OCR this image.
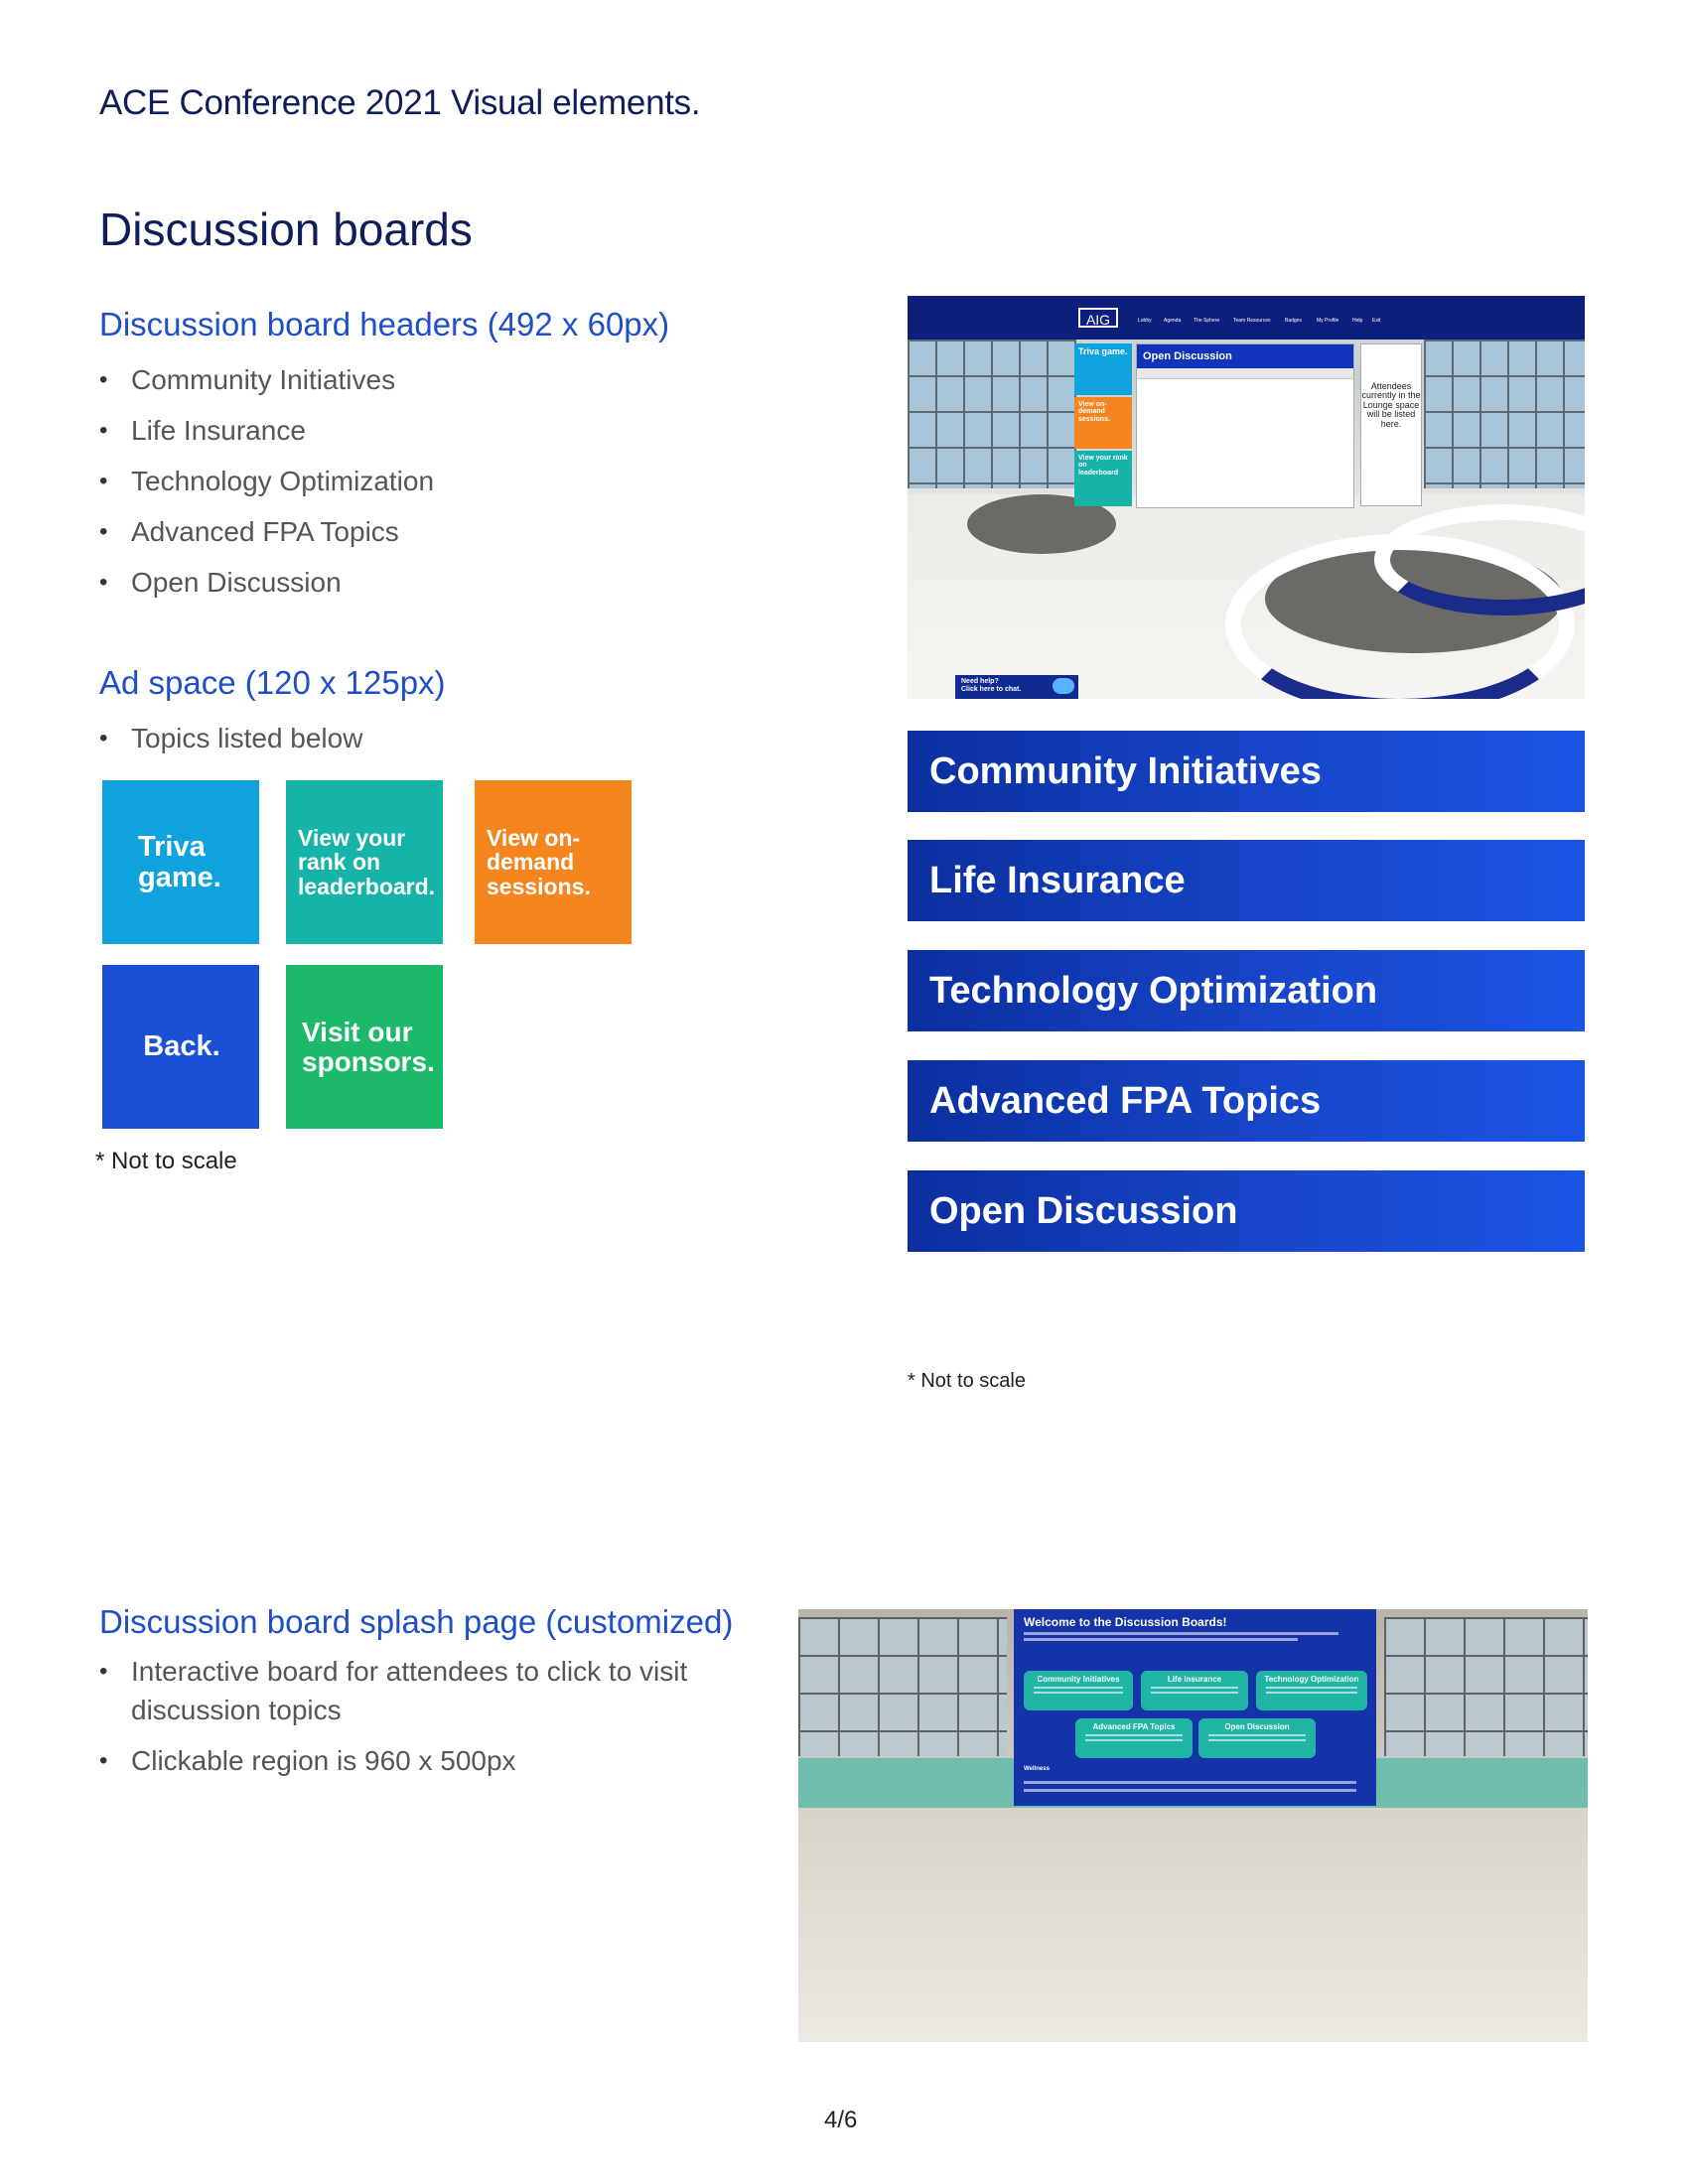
ACE Conference 2021 Visual elements.
Discussion boards
Discussion board headers (492 x 60px)
• Community Initiatives
• Life Insurance
• Technology Optimization
• Advanced FPA Topics
• Open Discussion
Ad space (120 x 125px)
• Topics listed below
Triva game.
View your rank on leaderboard.
View on-demand sessions.
Back.	Visit our sponsors.
* Not to scale
AIG	Lobby Agenda	The Sphere	Team Resources	Badges	My Profile	Help Exit
Triva game.
View on-demand sessions.
View your rank on leaderboard
Open Discussion
Attendees currently in the Lounge space will be listed here.
Need help?
Click here to chat.
Community Initiatives
Life Insurance
Technology Optimization
Advanced FPA Topics
Open Discussion
* Not to scale
Discussion board splash page (customized)
• Interactive board for attendees to click to visit discussion topics
• Clickable region is 960 x 500px
Welcome to the Discussion Boards!
Community Initiatives	Life Insurance	Technology Optimization
Advanced FPA Topics	Open Discussion
Wellness
4/6
